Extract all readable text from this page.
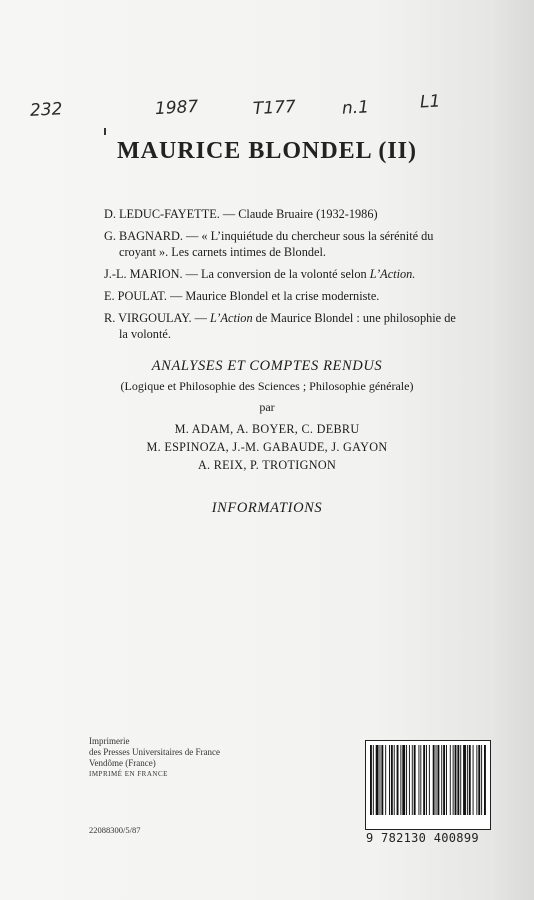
232	1987	T177	n.1	L1
MAURICE BLONDEL (II)
D. LEDUC-FAYETTE. — Claude Bruaire (1932-1986)
G. BAGNARD. — « L’inquiétude du chercheur sous la sérénité du
croyant ». Les carnets intimes de Blondel.
J.-L. MARION. — La conversion de la volonté selon L’Action.
E. POULAT. — Maurice Blondel et la crise moderniste.
R. VIRGOULAY. — L’Action de Maurice Blondel : une philosophie de
la volonté.
ANALYSES ET COMPTES RENDUS
(Logique et Philosophie des Sciences ; Philosophie générale)
par
M. ADAM, A. BOYER, C. DEBRU
M. ESPINOZA, J.-M. GABAUDE, J. GAYON
A. REIX, P. TROTIGNON
INFORMATIONS
Imprimerie
des Presses Universitaires de France
Vendôme (France)
IMPRIMÉ EN FRANCE
22088300/5/87
9 782130 400899
